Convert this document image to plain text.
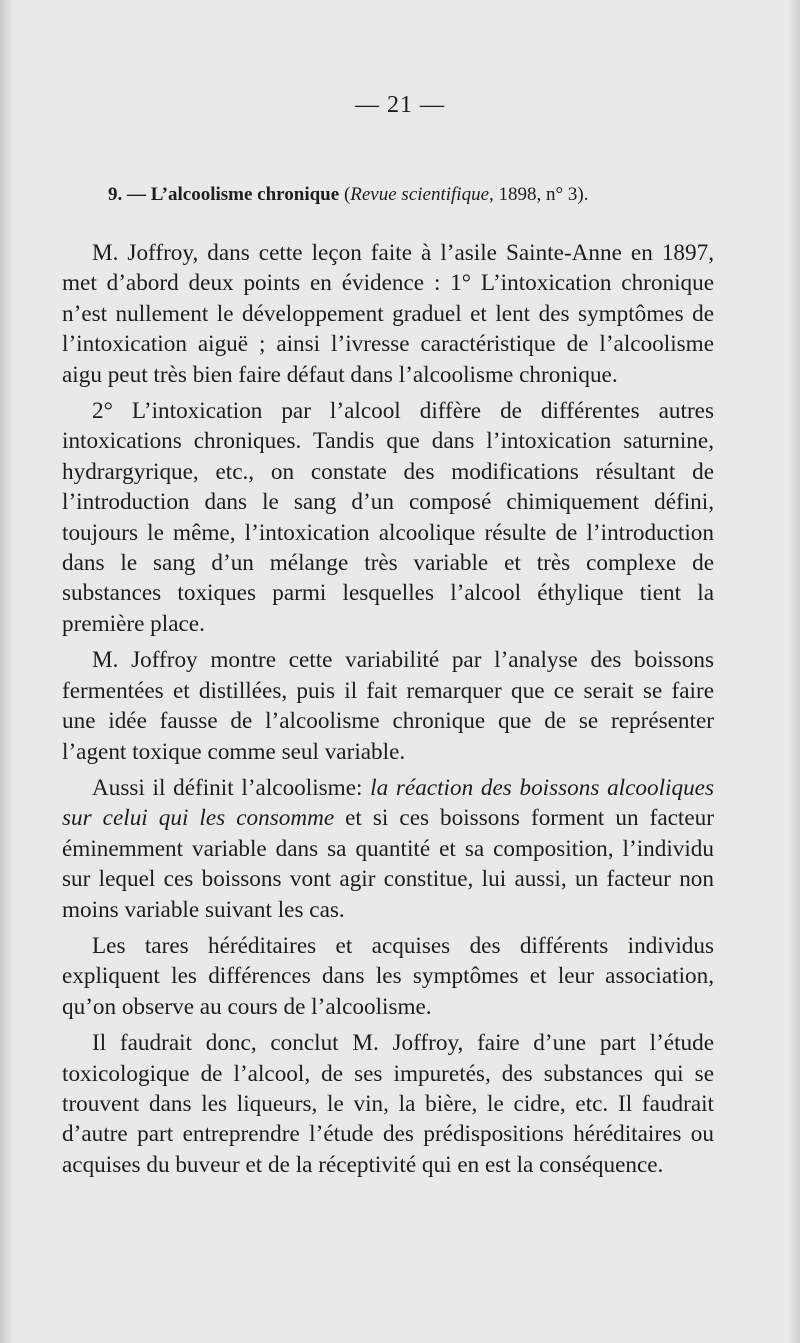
— 21 —
9. — L’alcoolisme chronique (Revue scientifique, 1898, n° 3).

M. Joffroy, dans cette leçon faite à l’asile Sainte-Anne en 1897, met d’abord deux points en évidence : 1° L’intoxication chronique n’est nullement le développement graduel et lent des symptômes de l’intoxication aiguë ; ainsi l’ivresse caractéristique de l’alcoolisme aigu peut très bien faire défaut dans l’alcoolisme chronique.

2° L’intoxication par l’alcool diffère de différentes autres intoxications chroniques. Tandis que dans l’intoxication saturnine, hydrargyrique, etc., on constate des modifications résultant de l’introduction dans le sang d’un composé chimiquement défini, toujours le même, l’intoxication alcoolique résulte de l’introduction dans le sang d’un mélange très variable et très complexe de substances toxiques parmi lesquelles l’alcool éthylique tient la première place.

M. Joffroy montre cette variabilité par l’analyse des boissons fermentées et distillées, puis il fait remarquer que ce serait se faire une idée fausse de l’alcoolisme chronique que de se représenter l’agent toxique comme seul variable.

Aussi il définit l’alcoolisme: la réaction des boissons alcooliques sur celui qui les consomme et si ces boissons forment un facteur éminemment variable dans sa quantité et sa composition, l’individu sur lequel ces boissons vont agir constitue, lui aussi, un facteur non moins variable suivant les cas.

Les tares héréditaires et acquises des différents individus expliquent les différences dans les symptômes et leur association, qu’on observe au cours de l’alcoolisme.

Il faudrait donc, conclut M. Joffroy, faire d’une part l’étude toxicologique de l’alcool, de ses impuretés, des substances qui se trouvent dans les liqueurs, le vin, la bière, le cidre, etc. Il faudrait d’autre part entreprendre l’étude des prédispositions héréditaires ou acquises du buveur et de la réceptivité qui en est la conséquence.
